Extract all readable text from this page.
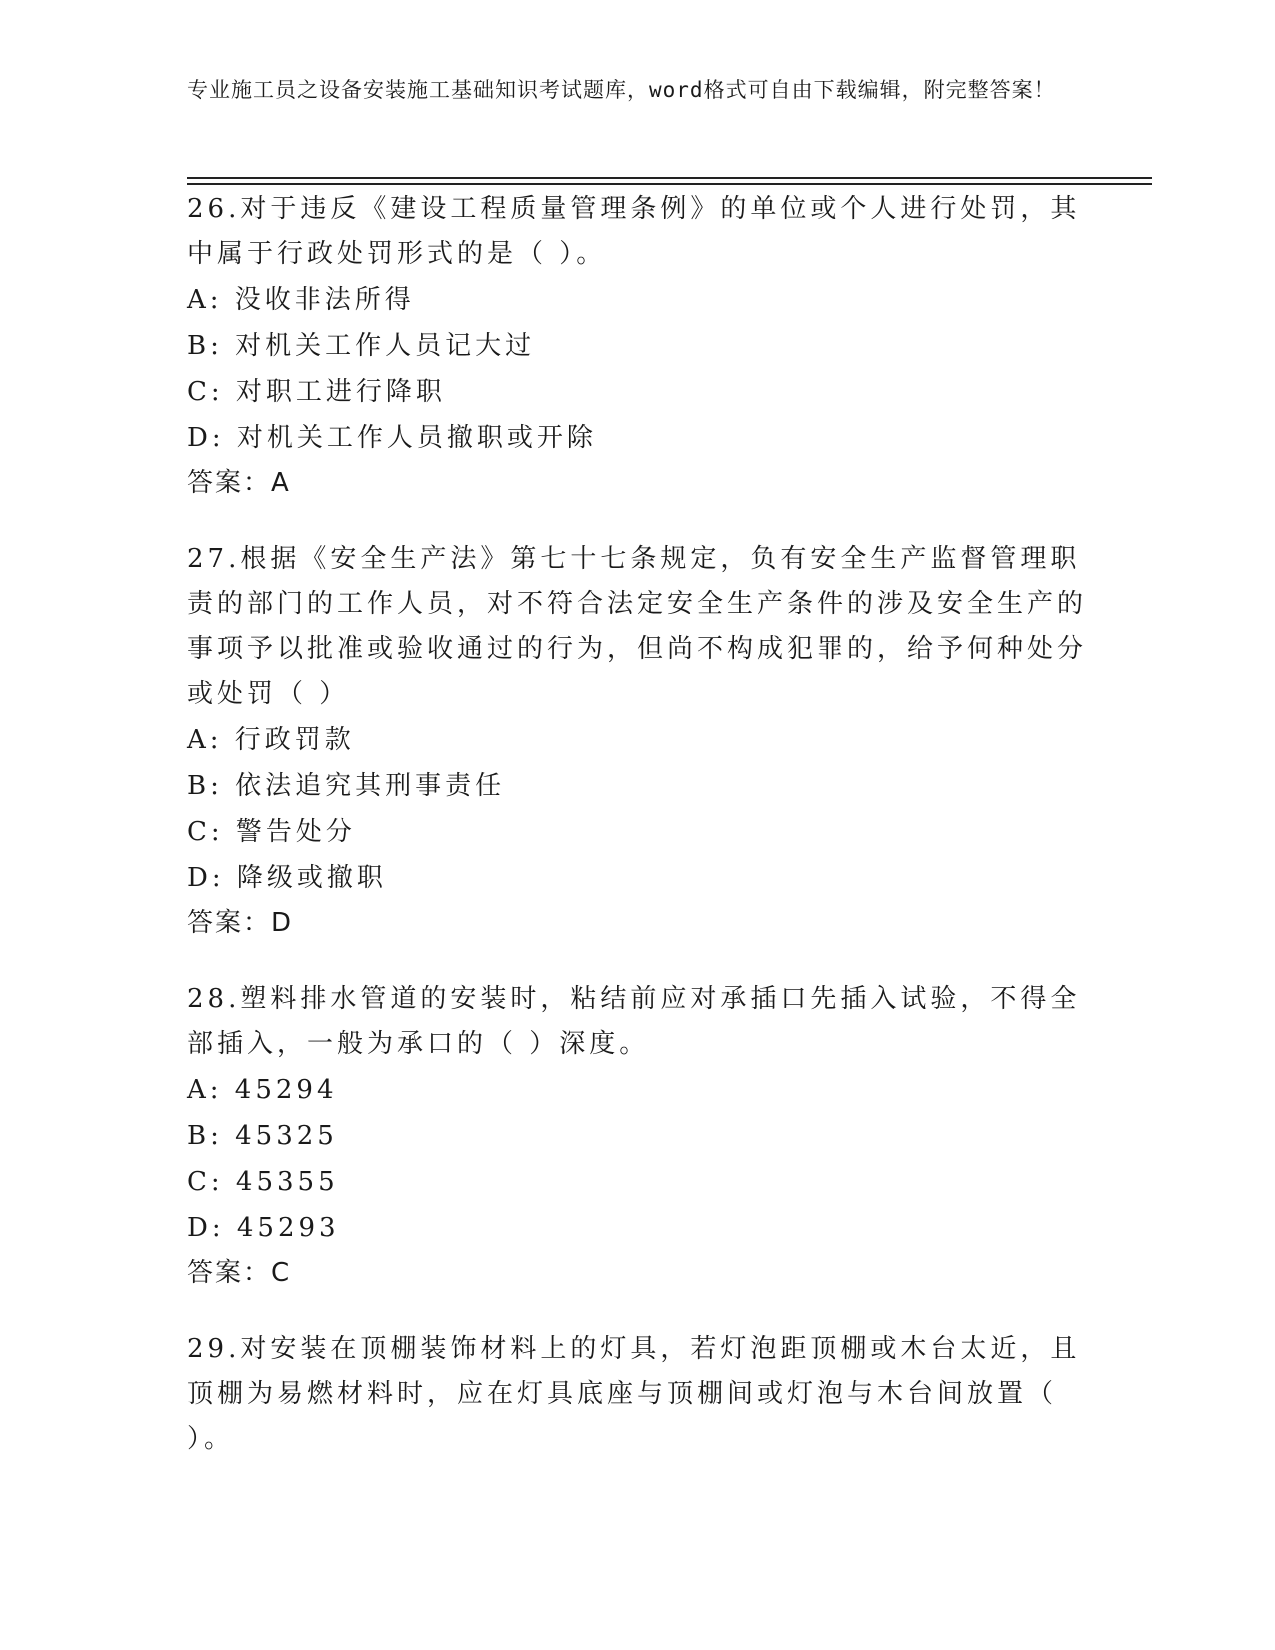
专业施工员之设备安装施工基础知识考试题库，word格式可自由下载编辑，附完整答案！
26.对于违反《建设工程质量管理条例》的单位或个人进行处罚，其中属于行政处罚形式的是（ ）。
A: 没收非法所得
B: 对机关工作人员记大过
C: 对职工进行降职
D: 对机关工作人员撤职或开除
答案：A
27.根据《安全生产法》第七十七条规定，负有安全生产监督管理职责的部门的工作人员，对不符合法定安全生产条件的涉及安全生产的事项予以批准或验收通过的行为，但尚不构成犯罪的，给予何种处分或处罚（ ）
A: 行政罚款
B: 依法追究其刑事责任
C: 警告处分
D: 降级或撤职
答案：D
28.塑料排水管道的安装时，粘结前应对承插口先插入试验，不得全部插入，一般为承口的（ ）深度。
A: 45294
B: 45325
C: 45355
D: 45293
答案：C
29.对安装在顶棚装饰材料上的灯具，若灯泡距顶棚或木台太近，且顶棚为易燃材料时，应在灯具底座与顶棚间或灯泡与木台间放置（ ）。
